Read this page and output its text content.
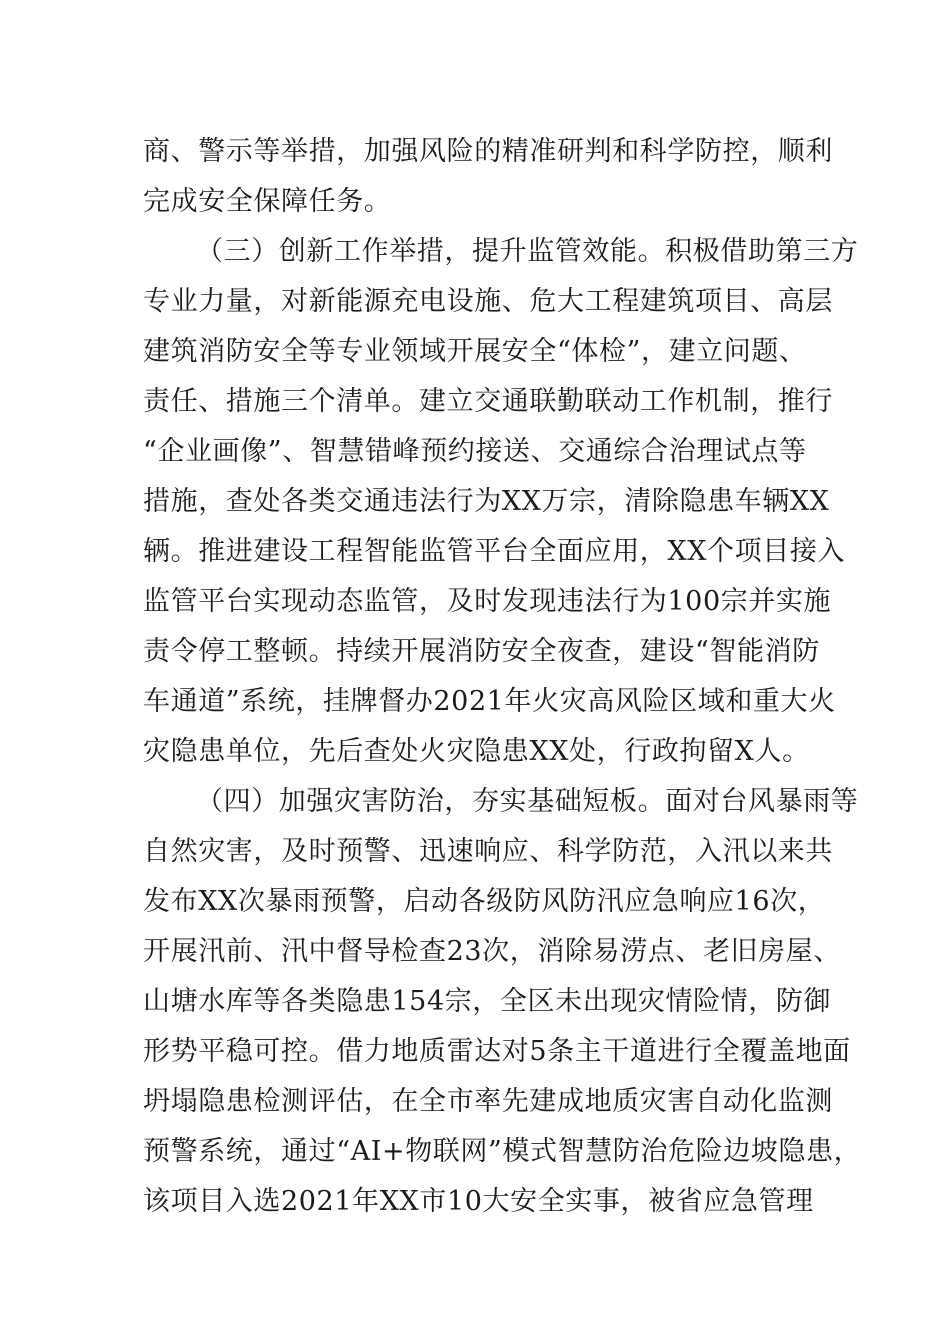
商、警示等举措，加强风险的精准研判和科学防控，顺利
完成安全保障任务。
（三）创新工作举措，提升监管效能。积极借助第三方
专业力量，对新能源充电设施、危大工程建筑项目、高层
建筑消防安全等专业领域开展安全“体检”，建立问题、
责任、措施三个清单。建立交通联勤联动工作机制，推行
“企业画像”、智慧错峰预约接送、交通综合治理试点等
措施，查处各类交通违法行为XX万宗，清除隐患车辆XX
辆。推进建设工程智能监管平台全面应用，XX个项目接入
监管平台实现动态监管，及时发现违法行为100宗并实施
责令停工整顿。持续开展消防安全夜查，建设“智能消防
车通道”系统，挂牌督办2021年火灾高风险区域和重大火
灾隐患单位，先后查处火灾隐患XX处，行政拘留X人。
（四）加强灾害防治，夯实基础短板。面对台风暴雨等
自然灾害，及时预警、迅速响应、科学防范，入汛以来共
发布XX次暴雨预警，启动各级防风防汛应急响应16次，
开展汛前、汛中督导检查23次，消除易涝点、老旧房屋、
山塘水库等各类隐患154宗，全区未出现灾情险情，防御
形势平稳可控。借力地质雷达对5条主干道进行全覆盖地面
坍塌隐患检测评估，在全市率先建成地质灾害自动化监测
预警系统，通过“AI+物联网”模式智慧防治危险边坡隐患，
该项目入选2021年XX市10大安全实事，被省应急管理
